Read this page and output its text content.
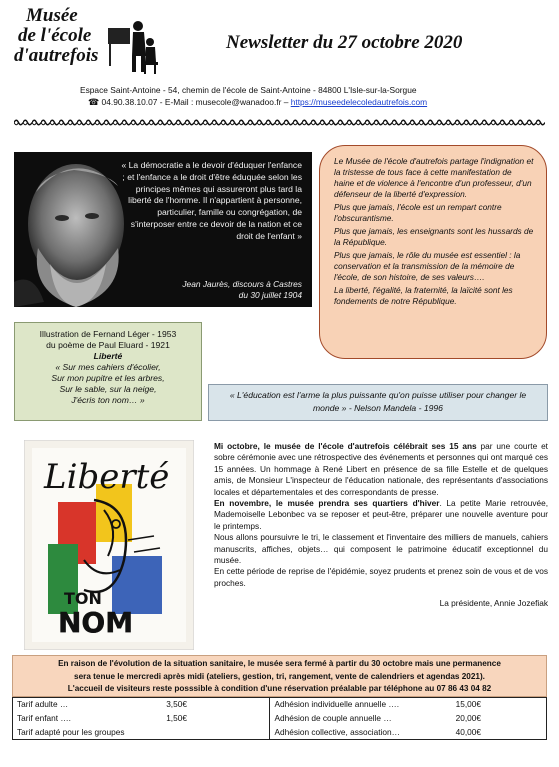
Musée
de l'école
d'autrefois
Newsletter du 27 octobre 2020
Espace Saint-Antoine - 54, chemin de l'école de Saint-Antoine - 84800 L'Isle-sur-la-Sorgue
☎ 04.90.38.10.07 - E-Mail : musecole@wanadoo.fr – https://museedelecoledautrefois.com
« La démocratie a le devoir d'éduquer l'enfance ; et l'enfance a le droit d'être éduquée selon les principes mêmes qui assureront plus tard la liberté de l'homme. Il n'appartient à personne, particulier, famille ou congrégation, de s'interposer entre ce devoir de la nation et ce droit de l'enfant »
Jean Jaurès, discours à Castres
du 30 juillet 1904

Le Musée de l'école d'autrefois partage l'indignation et la tristesse de tous face à cette manifestation de haine et de violence à l'encontre d'un professeur, d'un défenseur de la liberté d'expression.

Plus que jamais, l'école est un rempart contre l'obscurantisme.

Plus que jamais, les enseignants sont les hussards de la République.

Plus que jamais, le rôle du musée est essentiel : la conservation et la transmission de la mémoire de l'école, de son histoire, de ses valeurs….

La liberté, l'égalité, la fraternité, la laïcité sont les fondements de notre République.

Illustration de Fernand Léger - 1953
du poème de Paul Eluard - 1921
Liberté
« Sur mes cahiers d'écolier,
Sur mon pupitre et les arbres,
Sur le sable, sur la neige,
J'écris ton nom… »	« L'éducation est l'arme la plus puissante qu'on puisse utiliser pour changer le monde » - Nelson Mandela - 1996
Liberté
TON
NOM

Mi octobre, le musée de l'école d'autrefois célébrait ses 15 ans par une courte et sobre cérémonie avec une rétrospective des événements et personnes qui ont marqué ces 15 années. Un hommage à René Libert en présence de sa fille Estelle et de quelques amis, de Monsieur L'inspecteur de l'éducation nationale, des représentants d'associations locales et départementales et des correspondants de presse.

En novembre, le musée prendra ses quartiers d'hiver. La petite Marie retrouvée, Mademoiselle Lebonbec va se reposer et peut-être, préparer une nouvelle aventure pour le printemps.

Nous allons poursuivre le tri, le classement et l'inventaire des milliers de manuels, cahiers manuscrits, affiches, objets… qui composent le patrimoine éducatif exceptionnel du musée.

En cette période de reprise de l'épidémie, soyez prudents et prenez soin de vous et de vos proches.

La présidente, Annie Jozefiak

En raison de l'évolution de la situation sanitaire, le musée sera fermé à partir du 30 octobre mais une permanence
sera tenue le mercredi après midi (ateliers, gestion, tri, rangement, vente de calendriers et agendas 2021).
L'accueil de visiteurs reste posssible à condition d'une réservation préalable par téléphone au 07 86 43 04 82
Tarif adulte …	3,50€	Adhésion individuelle annuelle ….	15,00€
Tarif enfant ….	1,50€	Adhésion de couple annuelle …	20,00€
Tarif adapté pour les groupes		Adhésion collective, association…	40,00€
